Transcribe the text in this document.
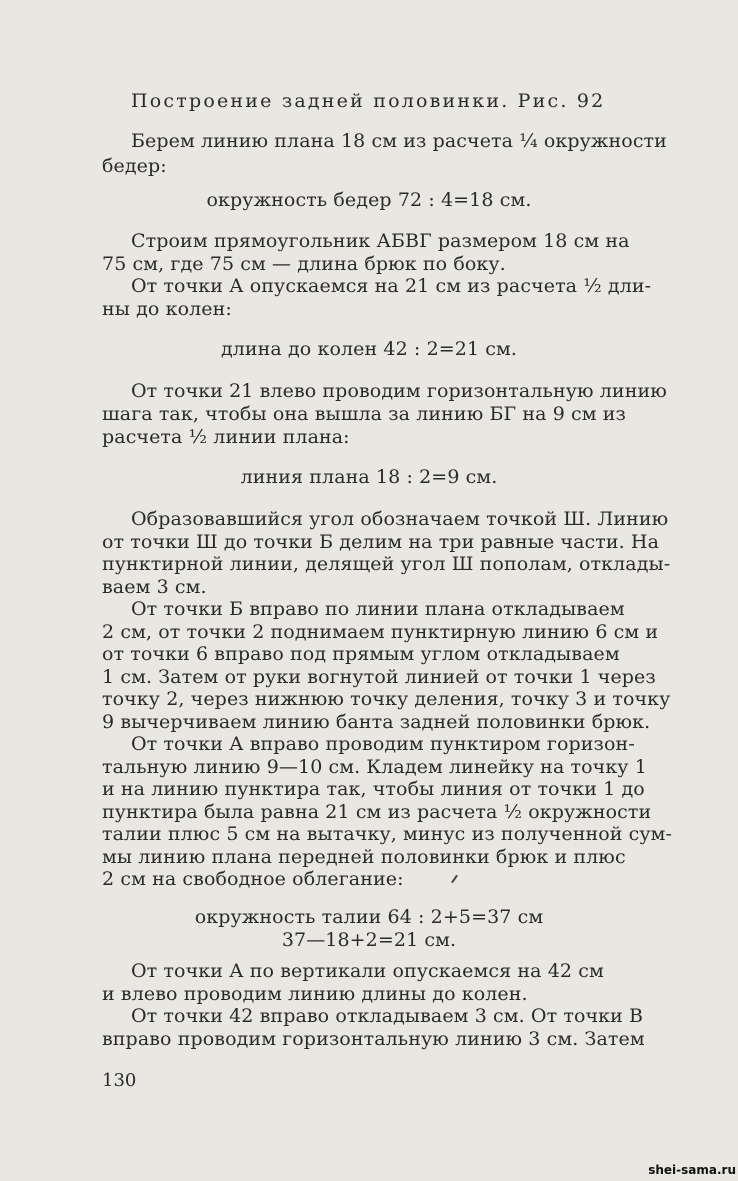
Построение задней половинки. Рис. 92
Берем линию плана 18 см из расчета ¼ окружности
бедер:
окружность бедер 72 : 4=18 см.
Строим прямоугольник АБВГ размером 18 см на
75 см, где 75 см — длина брюк по боку.
От точки А опускаемся на 21 см из расчета ½ дли-
ны до колен:
длина до колен 42 : 2=21 см.
От точки 21 влево проводим горизонтальную линию
шага так, чтобы она вышла за линию БГ на 9 см из
расчета ½ линии плана:
линия плана 18 : 2=9 см.
Образовавшийся угол обозначаем точкой Ш. Линию
от точки Ш до точки Б делим на три равные части. На
пунктирной линии, делящей угол Ш пополам, отклады-
ваем 3 см.
От точки Б вправо по линии плана откладываем
2 см, от точки 2 поднимаем пунктирную линию 6 см и
от точки 6 вправо под прямым углом откладываем
1 см. Затем от руки вогнутой линией от точки 1 через
точку 2, через нижнюю точку деления, точку 3 и точку
9 вычерчиваем линию банта задней половинки брюк.
От точки А вправо проводим пунктиром горизон-
тальную линию 9—10 см. Кладем линейку на точку 1
и на линию пунктира так, чтобы линия от точки 1 до
пунктира была равна 21 см из расчета ½ окружности
талии плюс 5 см на вытачку, минус из полученной сум-
мы линию плана передней половинки брюк и плюс
2 см на свободное облегание:
окружность талии 64 : 2+5=37 см
37—18+2=21 см.
От точки А по вертикали опускаемся на 42 см
и влево проводим линию длины до колен.
От точки 42 вправо откладываем 3 см. От точки В
вправо проводим горизонтальную линию 3 см. Затем
130
shei-sama.ru
